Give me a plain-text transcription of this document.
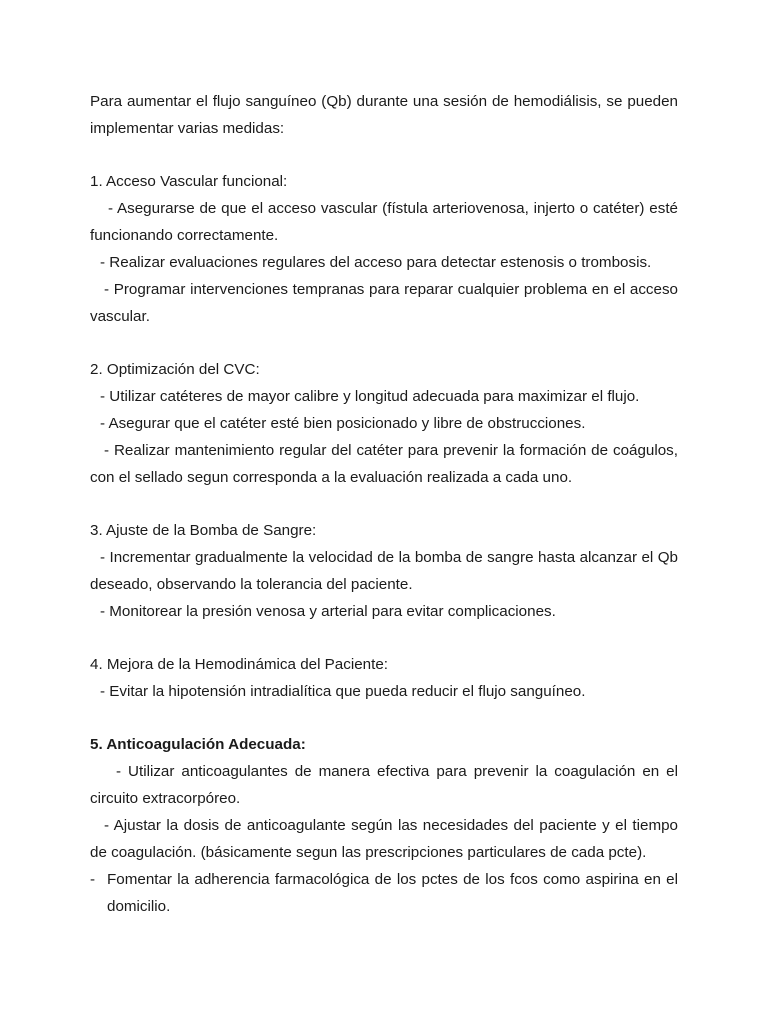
Para aumentar el flujo sanguíneo (Qb) durante una sesión de hemodiálisis, se pueden implementar varias medidas:

1. Acceso Vascular funcional:

- Asegurarse de que el acceso vascular (fístula arteriovenosa, injerto o catéter) esté funcionando correctamente.

- Realizar evaluaciones regulares del acceso para detectar estenosis o trombosis.

- Programar intervenciones tempranas para reparar cualquier problema en el acceso vascular.

2. Optimización del CVC:

- Utilizar catéteres de mayor calibre y longitud adecuada para maximizar el flujo.

- Asegurar que el catéter esté bien posicionado y libre de obstrucciones.

- Realizar mantenimiento regular del catéter para prevenir la formación de coágulos, con el sellado segun corresponda a la evaluación realizada a cada uno.

3. Ajuste de la Bomba de Sangre:

- Incrementar gradualmente la velocidad de la bomba de sangre hasta alcanzar el Qb deseado, observando la tolerancia del paciente.

- Monitorear la presión venosa y arterial para evitar complicaciones.

4. Mejora de la Hemodinámica del Paciente:

- Evitar la hipotensión intradialítica que pueda reducir el flujo sanguíneo.

5. Anticoagulación Adecuada:

- Utilizar anticoagulantes de manera efectiva para prevenir la coagulación en el circuito extracorpóreo.

- Ajustar la dosis de anticoagulante según las necesidades del paciente y el tiempo de coagulación. (básicamente segun las prescripciones particulares de cada pcte).

- Fomentar la adherencia farmacológica de los pctes de los fcos como aspirina en el domicilio.
